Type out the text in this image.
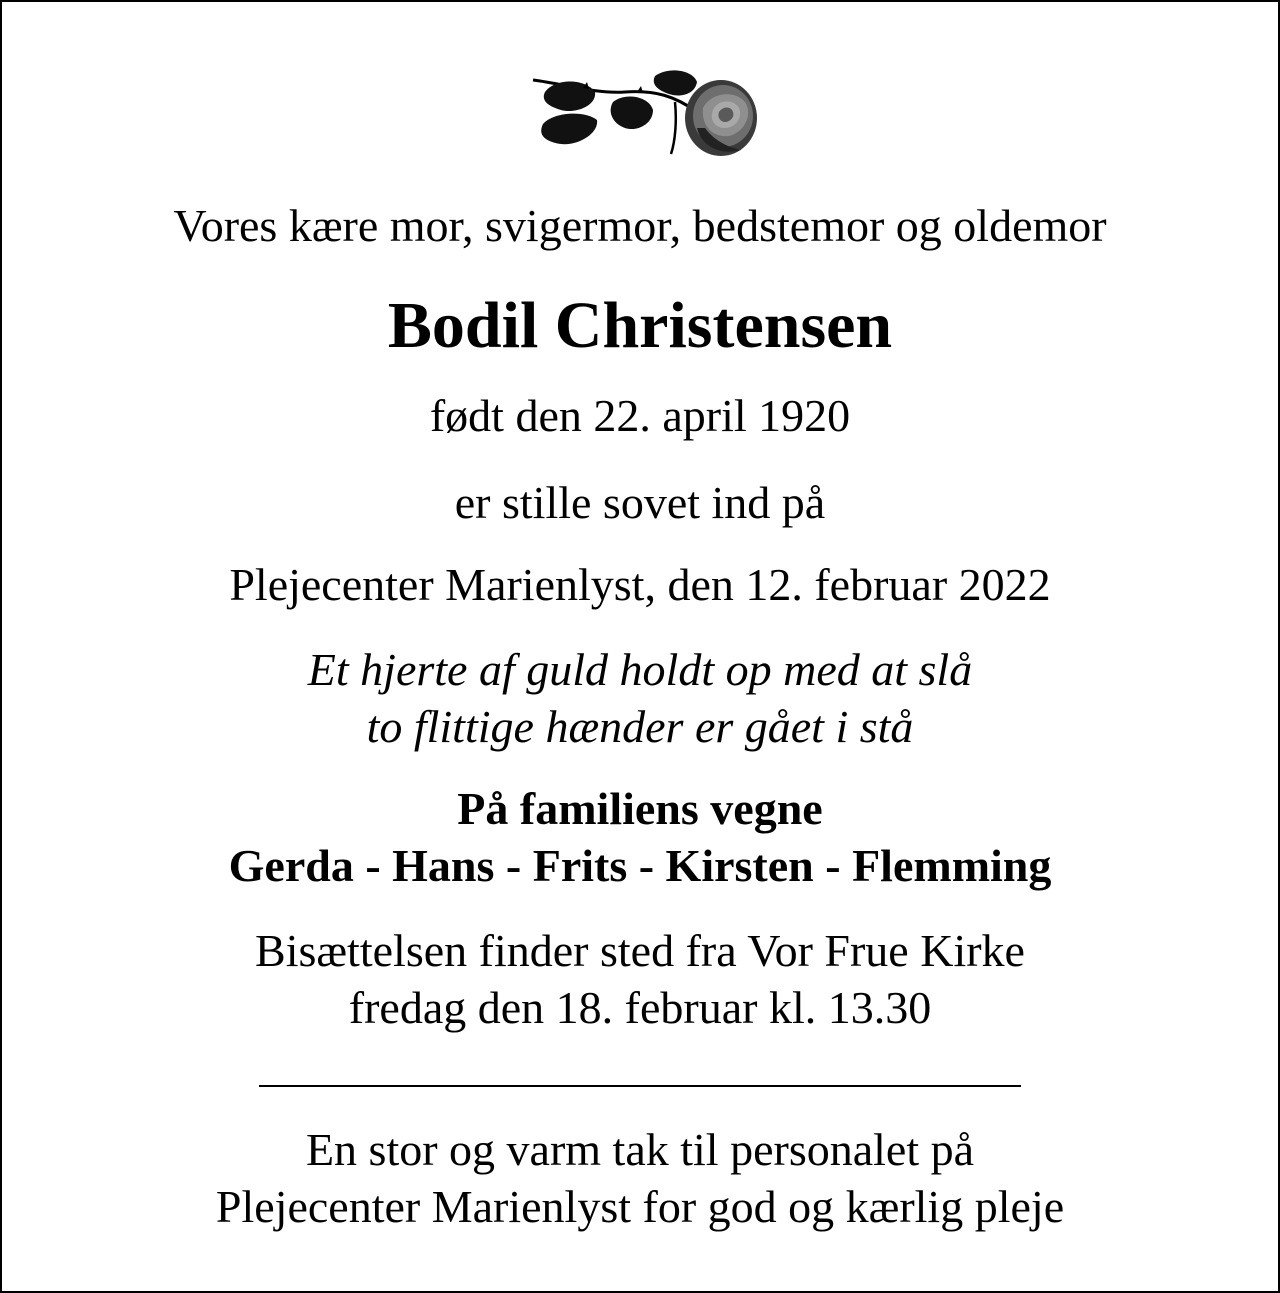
Vores kære mor, svigermor, bedstemor og oldemor
Bodil Christensen
født den 22. april 1920
er stille sovet ind på
Plejecenter Marienlyst, den 12. februar 2022
Et hjerte af guld holdt op med at slå
to flittige hænder er gået i stå
På familiens vegne
Gerda - Hans - Frits - Kirsten - Flemming
Bisættelsen finder sted fra Vor Frue Kirke
fredag den 18. februar kl. 13.30
En stor og varm tak til personalet på
Plejecenter Marienlyst for god og kærlig pleje
